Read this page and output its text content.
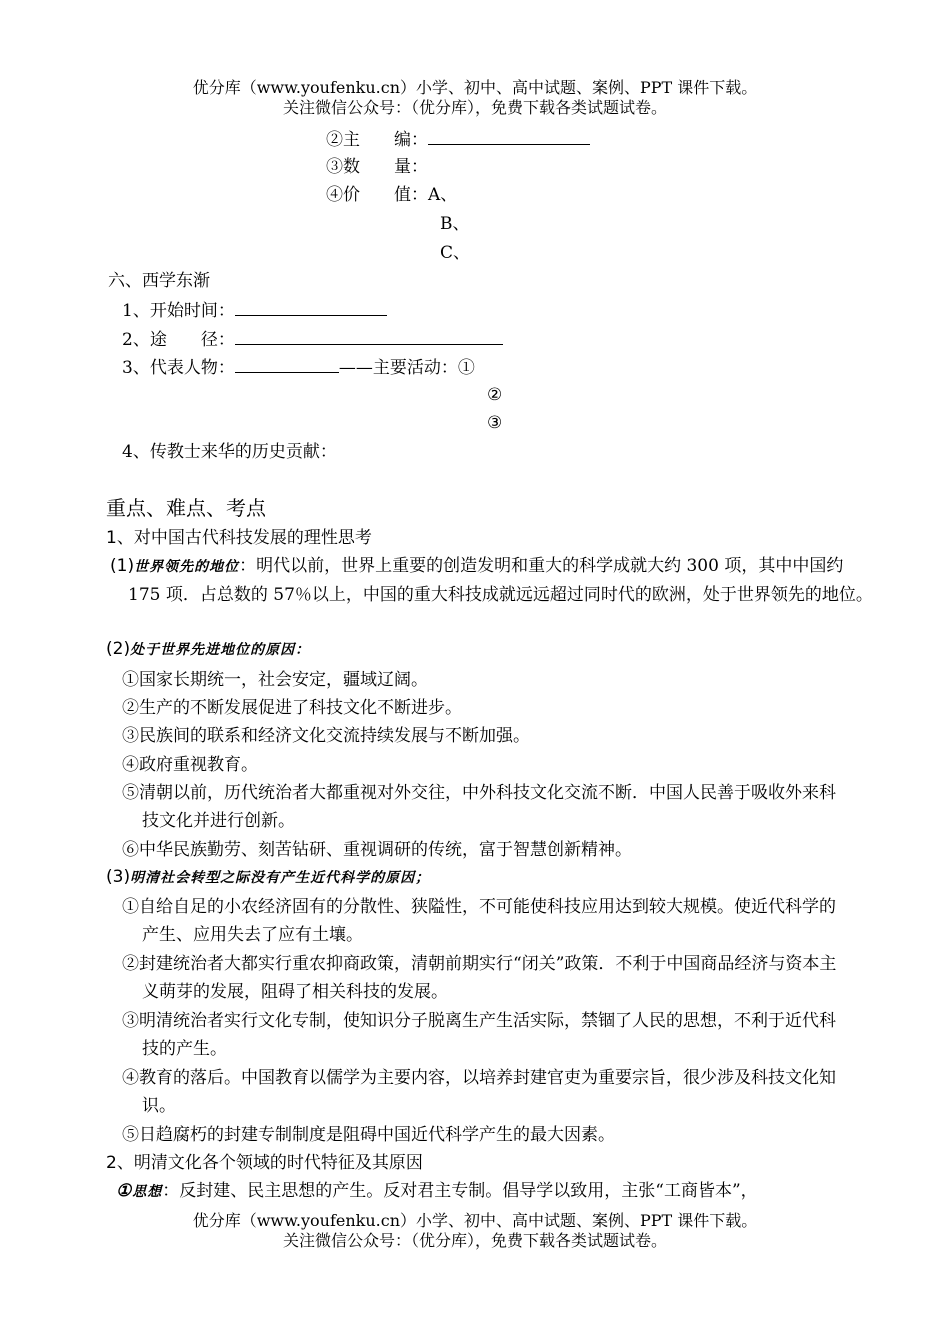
优分库（www.youfenku.cn）小学、初中、高中试题、案例、PPT 课件下载。
关注微信公众号：（优分库），免费下载各类试题试卷。
②主　　编：
③数　　量：
④价　　值：A、
B、
C、
六、西学东渐
1、开始时间：
2、途　　径：
3、代表人物：	——主要活动：①
②
③
4、传教士来华的历史贡献：
重点、难点、考点
1、对中国古代科技发展的理性思考
(1)世界领先的地位：明代以前，世界上重要的创造发明和重大的科学成就大约 300 项，其中中国约 175 项．占总数的 57％以上，中国的重大科技成就远远超过同时代的欧洲，处于世界领先的地位。
(2)处于世界先进地位的原因：
①国家长期统一，社会安定，疆域辽阔。
②生产的不断发展促进了科技文化不断进步。
③民族间的联系和经济文化交流持续发展与不断加强。
④政府重视教育。
⑤清朝以前，历代统治者大都重视对外交往，中外科技文化交流不断．中国人民善于吸收外来科技文化并进行创新。
⑥中华民族勤劳、刻苦钻研、重视调研的传统，富于智慧创新精神。
(3)明清社会转型之际没有产生近代科学的原因；
①自给自足的小农经济固有的分散性、狭隘性，不可能使科技应用达到较大规模。使近代科学的产生、应用失去了应有土壤。
②封建统治者大都实行重农抑商政策，清朝前期实行“闭关”政策．不利于中国商品经济与资本主义萌芽的发展，阻碍了相关科技的发展。
③明清统治者实行文化专制，使知识分子脱离生产生活实际，禁锢了人民的思想，不利于近代科技的产生。
④教育的落后。中国教育以儒学为主要内容，以培养封建官吏为重要宗旨，很少涉及科技文化知识。
⑤日趋腐朽的封建专制制度是阻碍中国近代科学产生的最大因素。
2、明清文化各个领域的时代特征及其原因
①思想：反封建、民主思想的产生。反对君主专制。倡导学以致用，主张“工商皆本”，
优分库（www.youfenku.cn）小学、初中、高中试题、案例、PPT 课件下载。
关注微信公众号：（优分库），免费下载各类试题试卷。
